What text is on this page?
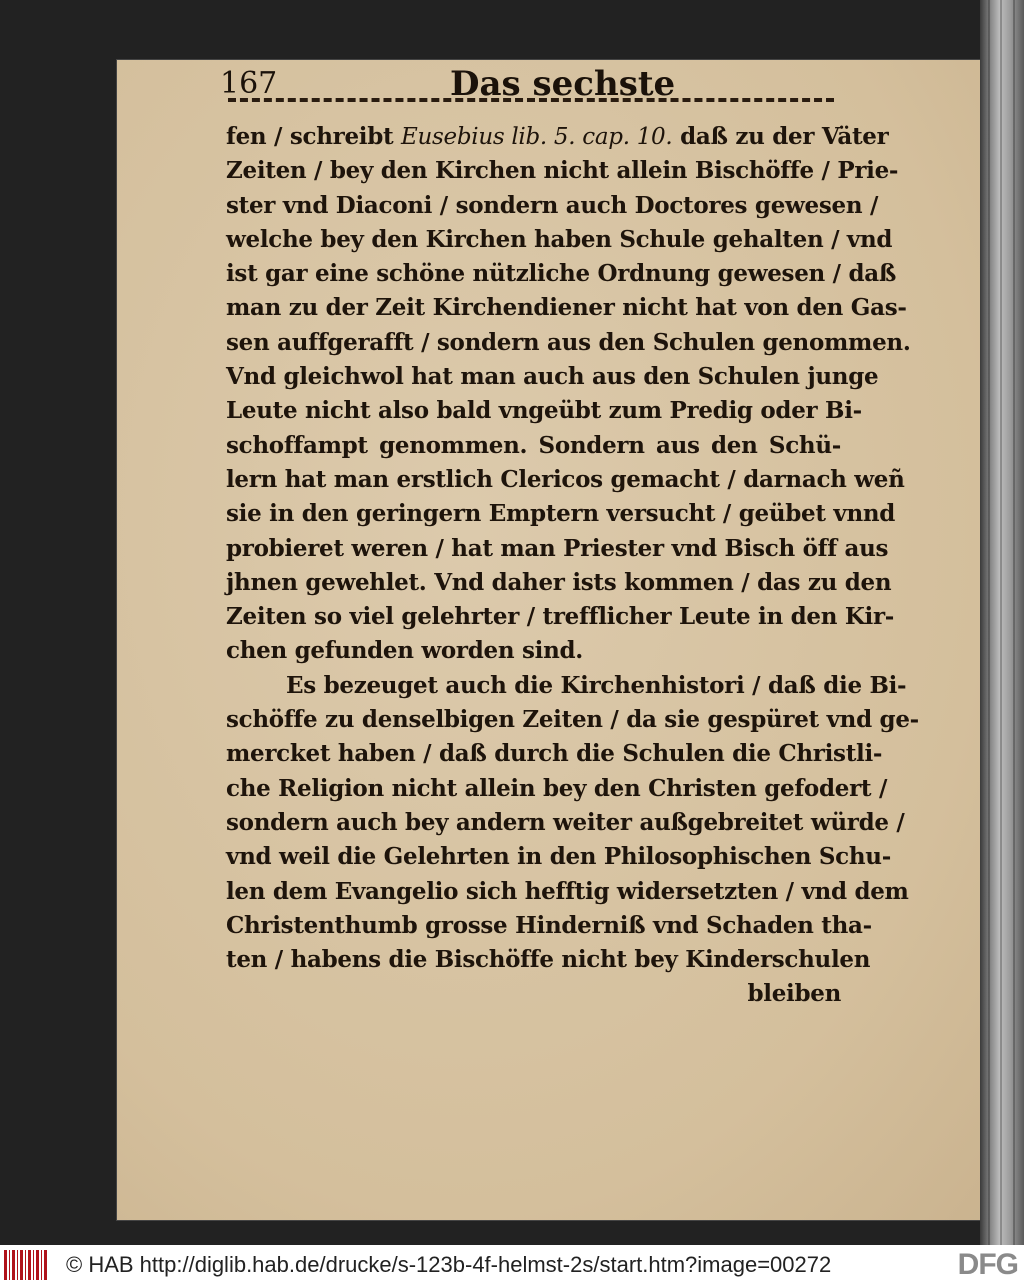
167	Das sechste
fen / schreibt Eusebius lib. 5. cap. 10. daß zu der Väter
Zeiten / bey den Kirchen nicht allein Bischöffe / Prie-
ster vnd Diaconi / sondern auch Doctores gewesen /
welche bey den Kirchen haben Schule gehalten / vnd
ist gar eine schöne nützliche Ordnung gewesen / daß
man zu der Zeit Kirchendiener nicht hat von den Gas-
sen auffgerafft / sondern aus den Schulen genommen.
Vnd gleichwol hat man auch aus den Schulen junge
Leute nicht also bald vngeübt zum Predig oder Bi-
schoffampt genommen. Sondern aus den Schü-
lern hat man erstlich Clericos gemacht / darnach weñ
sie in den geringern Emptern versucht / geübet vnnd
probieret weren / hat man Priester vnd Bisch öff aus
jhnen gewehlet. Vnd daher ists kommen / das zu den
Zeiten so viel gelehrter / trefflicher Leute in den Kir-
chen gefunden worden sind.
Es bezeuget auch die Kirchenhistori / daß die Bi-
schöffe zu denselbigen Zeiten / da sie gespüret vnd ge-
mercket haben / daß durch die Schulen die Christli-
che Religion nicht allein bey den Christen gefodert /
sondern auch bey andern weiter außgebreitet würde /
vnd weil die Gelehrten in den Philosophischen Schu-
len dem Evangelio sich hefftig widersetzten / vnd dem
Christenthumb grosse Hinderniß vnd Schaden tha-
ten / habens die Bischöffe nicht bey Kinderschulen
bleiben
© HAB http://diglib.hab.de/drucke/s-123b-4f-helmst-2s/start.htm?image=00272	DFG
